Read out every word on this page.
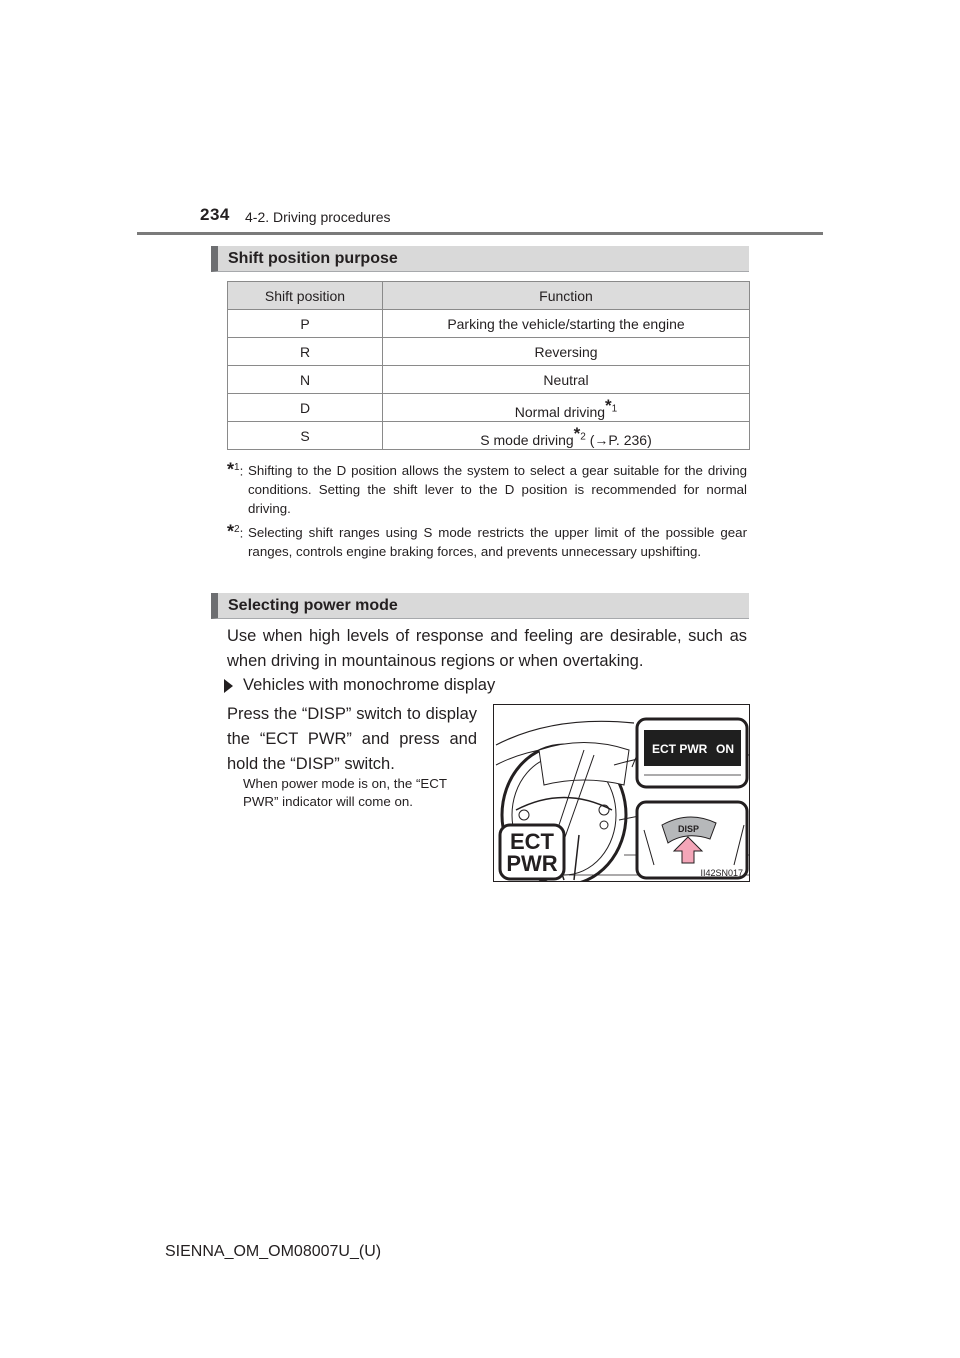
234 4-2. Driving procedures
Shift position purpose
Shift position	Function
P	Parking the vehicle/starting the engine
R	Reversing
N	Neutral
D	Normal driving$^{*1}$
S	S mode driving$^{*2}$ (→P. 236)
*$^1$: Shifting to the D position allows the system to select a gear suitable for the driving conditions. Setting the shift lever to the D position is recommended for normal driving.
*$^2$: Selecting shift ranges using S mode restricts the upper limit of the possible gear ranges, controls engine braking forces, and prevents unnecessary upshifting.
Selecting power mode
Use when high levels of response and feeling are desirable, such as when driving in mountainous regions or when overtaking.
Vehicles with monochrome display
Press the “DISP” switch to display the “ECT PWR” and press and hold the “DISP” switch.
When power mode is on, the “ECT PWR” indicator will come on.
ECT PWR ON
DISP
ECT
PWR	II42SN017
SIENNA_OM_OM08007U_(U)
